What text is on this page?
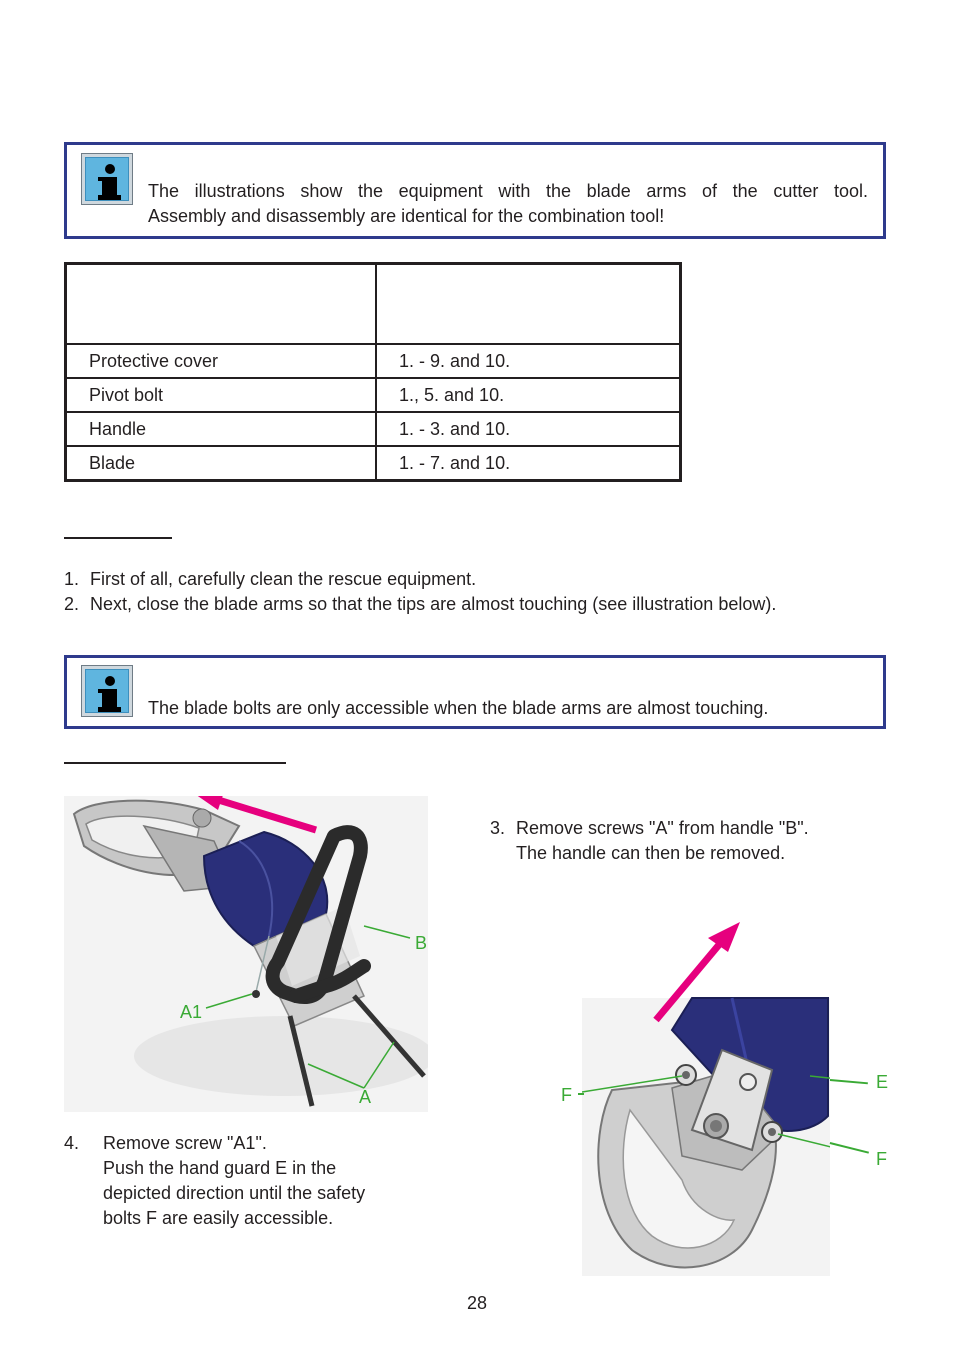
The illustrations show the equipment with the blade arms of the cutter tool.
Assembly and disassembly are identical for the combination tool!

Protective cover	1. - 9. and 10.
Pivot bolt	1., 5. and 10.
Handle	1. - 3. and 10.
Blade	1. - 7. and 10.
1. First of all, carefully clean the rescue equipment.
2. Next, close the blade arms so that the tips are almost touching (see illustration below).
The blade bolts are only accessible when the blade arms are almost touching.
B
A1
A
3. Remove screws "A" from handle "B".
The handle can then be removed.
4. Remove screw "A1".
Push the hand guard E in the
depicted direction until the safety
bolts F are easily accessible.
F
E
F
28
